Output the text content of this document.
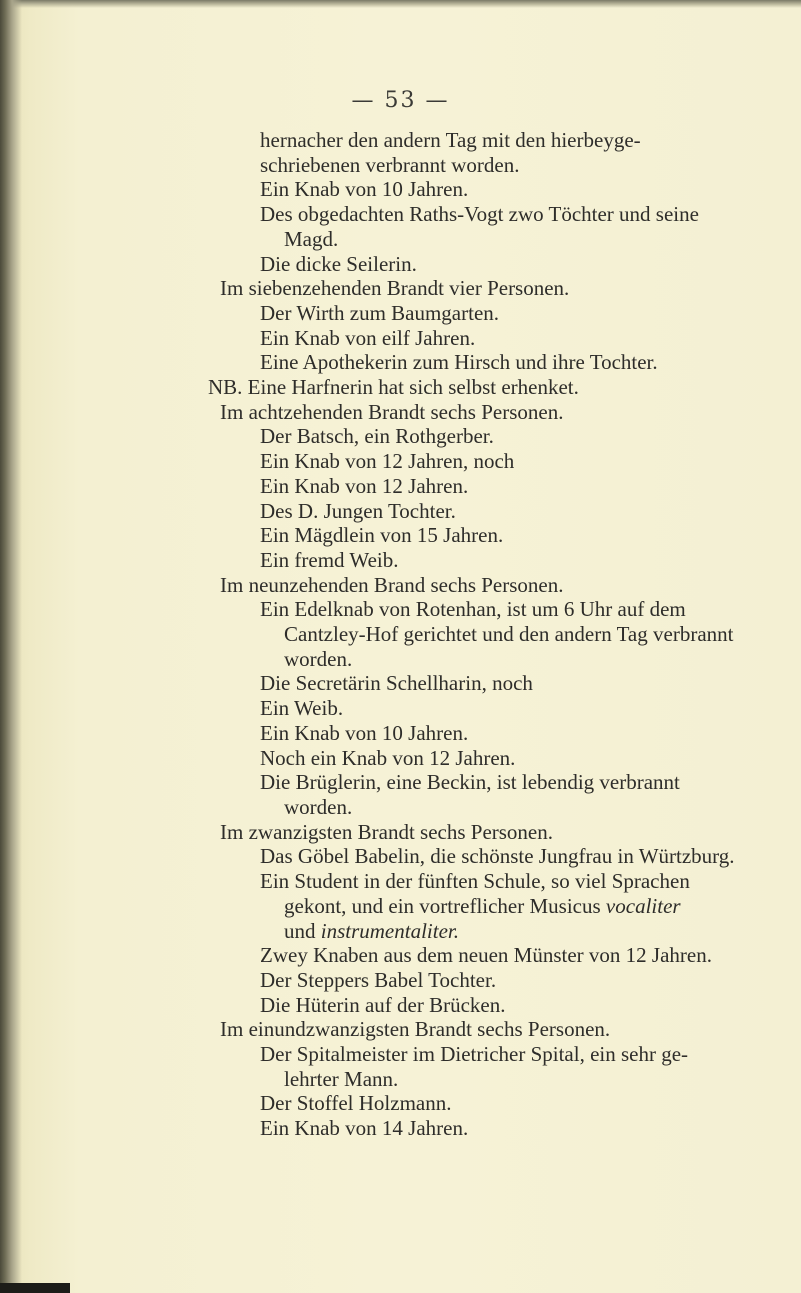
— 53 —
hernacher den andern Tag mit den hierbeyge-
schriebenen verbrannt worden.
Ein Knab von 10 Jahren.
Des obgedachten Raths-Vogt zwo Töchter und seine
Magd.
Die dicke Seilerin.
Im siebenzehenden Brandt vier Personen.
Der Wirth zum Baumgarten.
Ein Knab von eilf Jahren.
Eine Apothekerin zum Hirsch und ihre Tochter.
NB. Eine Harfnerin hat sich selbst erhenket.
Im achtzehenden Brandt sechs Personen.
Der Batsch, ein Rothgerber.
Ein Knab von 12 Jahren, noch
Ein Knab von 12 Jahren.
Des D. Jungen Tochter.
Ein Mägdlein von 15 Jahren.
Ein fremd Weib.
Im neunzehenden Brand sechs Personen.
Ein Edelknab von Rotenhan, ist um 6 Uhr auf dem
Cantzley-Hof gerichtet und den andern Tag verbrannt
worden.
Die Secretärin Schellharin, noch
Ein Weib.
Ein Knab von 10 Jahren.
Noch ein Knab von 12 Jahren.
Die Brüglerin, eine Beckin, ist lebendig verbrannt
worden.
Im zwanzigsten Brandt sechs Personen.
Das Göbel Babelin, die schönste Jungfrau in Würtzburg.
Ein Student in der fünften Schule, so viel Sprachen
gekont, und ein vortreflicher Musicus vocaliter
und instrumentaliter.
Zwey Knaben aus dem neuen Münster von 12 Jahren.
Der Steppers Babel Tochter.
Die Hüterin auf der Brücken.
Im einundzwanzigsten Brandt sechs Personen.
Der Spitalmeister im Dietricher Spital, ein sehr ge-
lehrter Mann.
Der Stoffel Holzmann.
Ein Knab von 14 Jahren.
